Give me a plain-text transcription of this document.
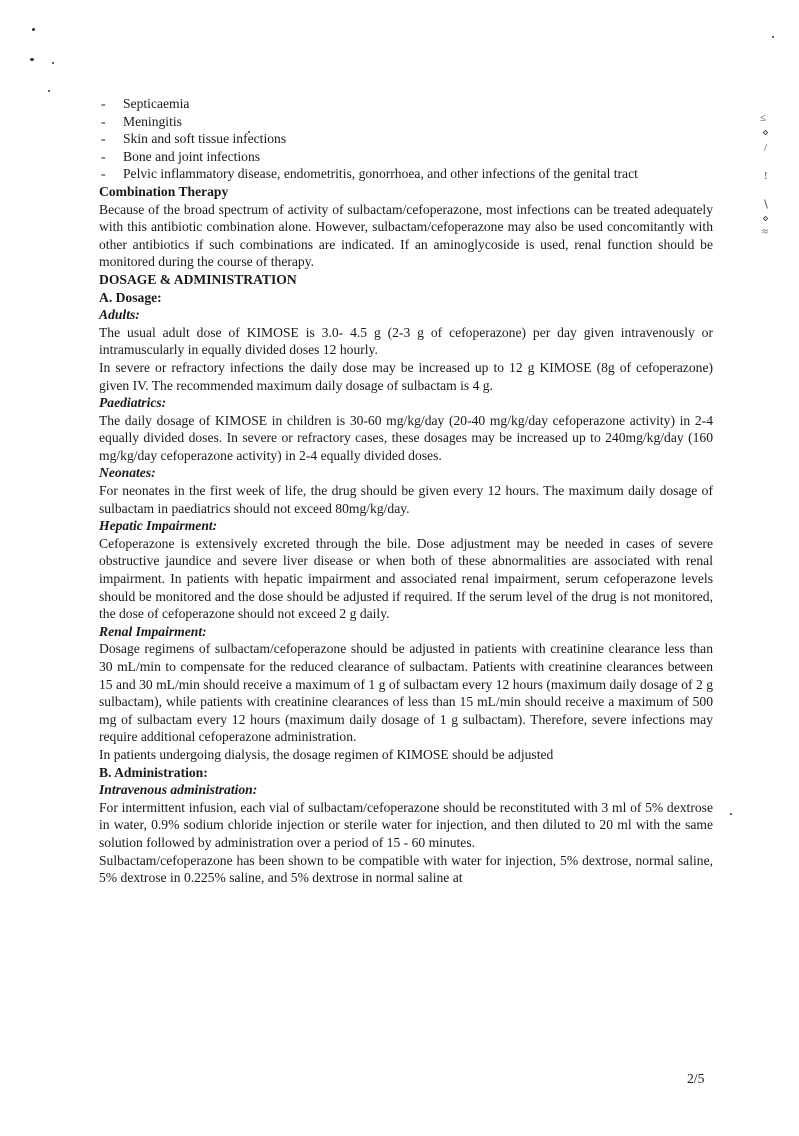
≤
⋄
/
!
∖
⋄
≈
- Septicaemia
- Meningitis
- Skin and soft tissue infections
- Bone and joint infections
- Pelvic inflammatory disease, endometritis, gonorrhoea, and other infections of the genital tract
Combination Therapy

Because of the broad spectrum of activity of sulbactam/cefoperazone, most infections can be treated adequately with this antibiotic combination alone. However, sulbactam/cefoperazone may also be used concomitantly with other antibiotics if such combinations are indicated. If an aminoglycoside is used, renal function should be monitored during the course of therapy.

DOSAGE & ADMINISTRATION
A. Dosage:
Adults:

The usual adult dose of KIMOSE is 3.0- 4.5 g (2-3 g of cefoperazone) per day given intravenously or intramuscularly in equally divided doses 12 hourly.

In severe or refractory infections the daily dose may be increased up to 12 g KIMOSE (8g of cefoperazone) given IV. The recommended maximum daily dosage of sulbactam is 4 g.

Paediatrics:

The daily dosage of KIMOSE in children is 30-60 mg/kg/day (20-40 mg/kg/day cefoperazone activity) in 2-4 equally divided doses. In severe or refractory cases, these dosages may be increased up to 240mg/kg/day (160 mg/kg/day cefoperazone activity) in 2-4 equally divided doses.

Neonates:

For neonates in the first week of life, the drug should be given every 12 hours. The maximum daily dosage of sulbactam in paediatrics should not exceed 80mg/kg/day.

Hepatic Impairment:

Cefoperazone is extensively excreted through the bile. Dose adjustment may be needed in cases of severe obstructive jaundice and severe liver disease or when both of these abnormalities are associated with renal impairment. In patients with hepatic impairment and associated renal impairment, serum cefoperazone levels should be monitored and the dose should be adjusted if required. If the serum level of the drug is not monitored, the dose of cefoperazone should not exceed 2 g daily.

Renal Impairment:

Dosage regimens of sulbactam/cefoperazone should be adjusted in patients with creatinine clearance less than 30 mL/min to compensate for the reduced clearance of sulbactam. Patients with creatinine clearances between 15 and 30 mL/min should receive a maximum of 1 g of sulbactam every 12 hours (maximum daily dosage of 2 g sulbactam), while patients with creatinine clearances of less than 15 mL/min should receive a maximum of 500 mg of sulbactam every 12 hours (maximum daily dosage of 1 g sulbactam). Therefore, severe infections may require additional cefoperazone administration.

In patients undergoing dialysis, the dosage regimen of KIMOSE should be adjusted

B. Administration:
Intravenous administration:

For intermittent infusion, each vial of sulbactam/cefoperazone should be reconstituted with 3 ml of 5% dextrose in water, 0.9% sodium chloride injection or sterile water for injection, and then diluted to 20 ml with the same solution followed by administration over a period of 15 - 60 minutes.

Sulbactam/cefoperazone has been shown to be compatible with water for injection, 5% dextrose, normal saline, 5% dextrose in 0.225% saline, and 5% dextrose in normal saline at

2/5
